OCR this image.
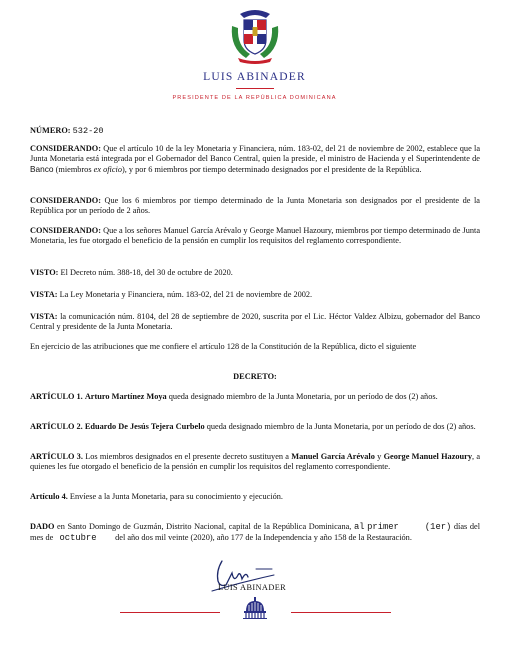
LUIS ABINADER
PRESIDENTE DE LA REPÚBLICA DOMINICANA
NÚMERO: 532-20
CONSIDERANDO: Que el artículo 10 de la ley Monetaria y Financiera, núm. 183-02, del 21 de noviembre de 2002, establece que la Junta Monetaria está integrada por el Gobernador del Banco Central, quien la preside, el ministro de Hacienda y el Superintendente de Banco (miembros ex oficio), y por 6 miembros por tiempo determinado designados por el presidente de la República.
CONSIDERANDO: Que los 6 miembros por tiempo determinado de la Junta Monetaria son designados por el presidente de la República por un período de 2 años.
CONSIDERANDO: Que a los señores Manuel García Arévalo y George Manuel Hazoury, miembros por tiempo determinado de Junta Monetaria, les fue otorgado el beneficio de la pensión en cumplir los requisitos del reglamento correspondiente.
VISTO: El Decreto núm. 388-18, del 30 de octubre de 2020.
VISTA: La Ley Monetaria y Financiera, núm. 183-02, del 21 de noviembre de 2002.
VISTA: la comunicación núm. 8104, del 28 de septiembre de 2020, suscrita por el Lic. Héctor Valdez Albizu, gobernador del Banco Central y presidente de la Junta Monetaria.
En ejercicio de las atribuciones que me confiere el artículo 128 de la Constitución de la República, dicto el siguiente
DECRETO:
ARTÍCULO 1. Arturo Martínez Moya queda designado miembro de la Junta Monetaria, por un período de dos (2) años.
ARTÍCULO 2. Eduardo De Jesús Tejera Curbelo queda designado miembro de la Junta Monetaria, por un período de dos (2) años.
ARTÍCULO 3. Los miembros designados en el presente decreto sustituyen a Manuel García Arévalo y George Manuel Hazoury, a quienes les fue otorgado el beneficio de la pensión en cumplir los requisitos del reglamento correspondiente.
Artículo 4. Envíese a la Junta Monetaria, para su conocimiento y ejecución.
DADO en Santo Domingo de Guzmán, Distrito Nacional, capital de la República Dominicana, al primer	(1er) días del mes de octubre del año dos mil veinte (2020), año 177 de la Independencia y año 158 de la Restauración.
LUIS ABINADER
